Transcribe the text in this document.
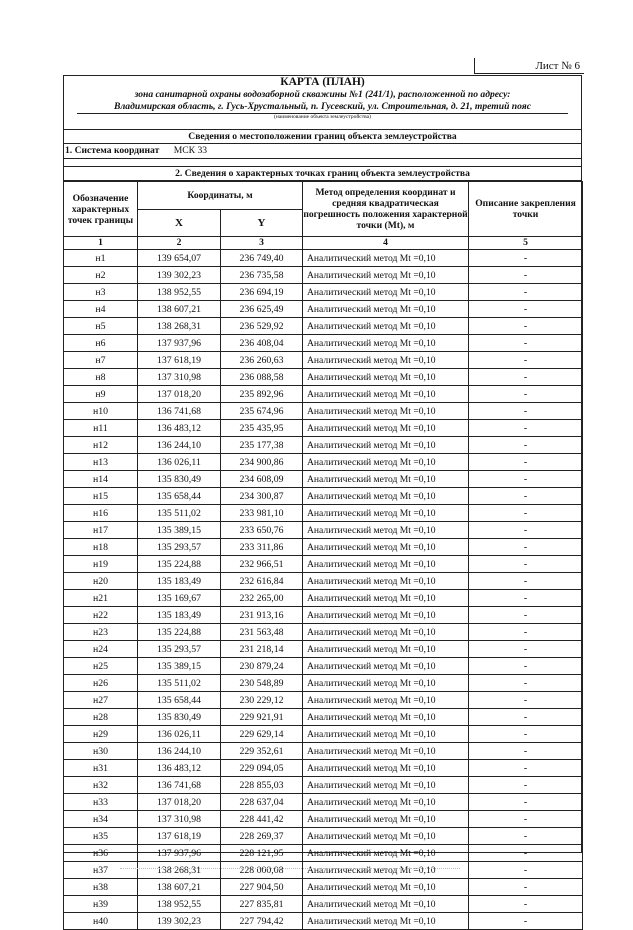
Лист № 6
КАРТА (ПЛАН)
зона санитарной охраны водозаборной скважины №1 (241/1), расположенной по адресу:
Владимирская область, г. Гусь-Хрустальный, п. Гусевский, ул. Строительная, д. 21, третий пояс
(наименование объекта землеустройства)
Сведения о местоположении границ объекта землеустройства
1. Система координат МСК 33
2. Сведения о характерных точках границ объекта землеустройства
Обозначение характерных точек границы	Координаты, м		Метод определения координат и средняя квадратическая погрешность положения характерной точки (Mt), м	Описание закрепления точки
	X	Y		
1	2	3	4	5
н1	139 654,07	236 749,40	Аналитический метод Mt =0,10	-
н2	139 302,23	236 735,58	Аналитический метод Mt =0,10	-
н3	138 952,55	236 694,19	Аналитический метод Mt =0,10	-
н4	138 607,21	236 625,49	Аналитический метод Mt =0,10	-
н5	138 268,31	236 529,92	Аналитический метод Mt =0,10	-
н6	137 937,96	236 408,04	Аналитический метод Mt =0,10	-
н7	137 618,19	236 260,63	Аналитический метод Mt =0,10	-
н8	137 310,98	236 088,58	Аналитический метод Mt =0,10	-
н9	137 018,20	235 892,96	Аналитический метод Mt =0,10	-
н10	136 741,68	235 674,96	Аналитический метод Mt =0,10	-
н11	136 483,12	235 435,95	Аналитический метод Mt =0,10	-
н12	136 244,10	235 177,38	Аналитический метод Mt =0,10	-
н13	136 026,11	234 900,86	Аналитический метод Mt =0,10	-
н14	135 830,49	234 608,09	Аналитический метод Mt =0,10	-
н15	135 658,44	234 300,87	Аналитический метод Mt =0,10	-
н16	135 511,02	233 981,10	Аналитический метод Mt =0,10	-
н17	135 389,15	233 650,76	Аналитический метод Mt =0,10	-
н18	135 293,57	233 311,86	Аналитический метод Mt =0,10	-
н19	135 224,88	232 966,51	Аналитический метод Mt =0,10	-
н20	135 183,49	232 616,84	Аналитический метод Mt =0,10	-
н21	135 169,67	232 265,00	Аналитический метод Mt =0,10	-
н22	135 183,49	231 913,16	Аналитический метод Mt =0,10	-
н23	135 224,88	231 563,48	Аналитический метод Mt =0,10	-
н24	135 293,57	231 218,14	Аналитический метод Mt =0,10	-
н25	135 389,15	230 879,24	Аналитический метод Mt =0,10	-
н26	135 511,02	230 548,89	Аналитический метод Mt =0,10	-
н27	135 658,44	230 229,12	Аналитический метод Mt =0,10	-
н28	135 830,49	229 921,91	Аналитический метод Mt =0,10	-
н29	136 026,11	229 629,14	Аналитический метод Mt =0,10	-
н30	136 244,10	229 352,61	Аналитический метод Mt =0,10	-
н31	136 483,12	229 094,05	Аналитический метод Mt =0,10	-
н32	136 741,68	228 855,03	Аналитический метод Mt =0,10	-
н33	137 018,20	228 637,04	Аналитический метод Mt =0,10	-
н34	137 310,98	228 441,42	Аналитический метод Mt =0,10	-
н35	137 618,19	228 269,37	Аналитический метод Mt =0,10	-
н36	137 937,96	228 121,95	Аналитический метод Mt =0,10	-
н37	138 268,31	228 000,08	Аналитический метод Mt =0,10	-
н38	138 607,21	227 904,50	Аналитический метод Mt =0,10	-
н39	138 952,55	227 835,81	Аналитический метод Mt =0,10	-
н40	139 302,23	227 794,42	Аналитический метод Mt =0,10	-
